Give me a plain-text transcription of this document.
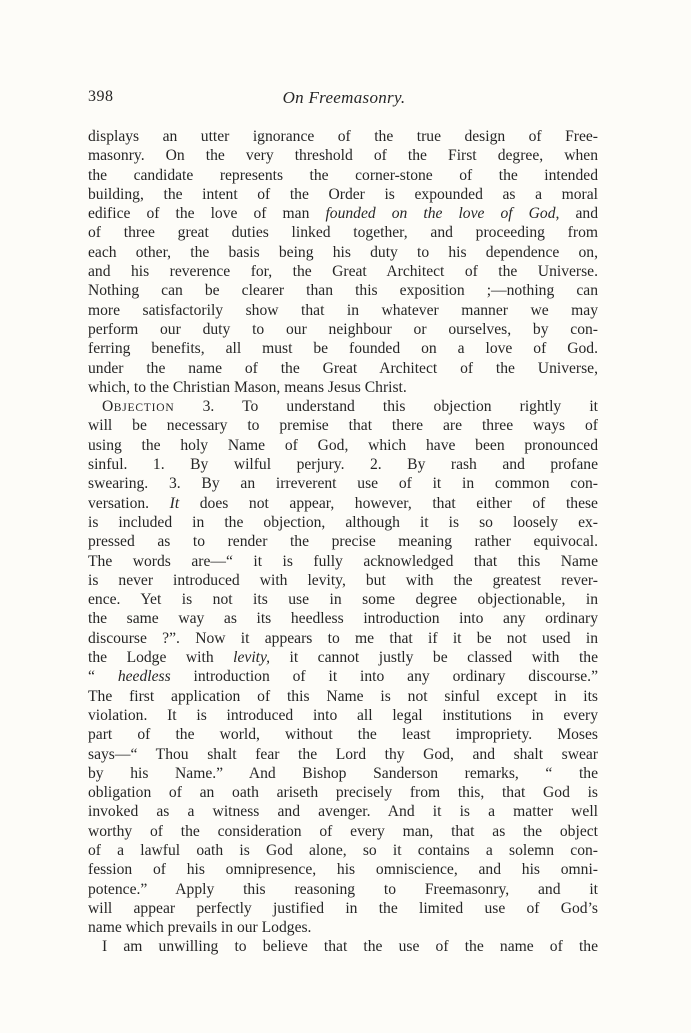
398	On Freemasonry.
displays an utter ignorance of the true design of Free-
masonry. On the very threshold of the First degree, when
the candidate represents the corner-stone of the intended
building, the intent of the Order is expounded as a moral
edifice of the love of man founded on the love of God, and
of three great duties linked together, and proceeding from
each other, the basis being his duty to his dependence on,
and his reverence for, the Great Architect of the Universe.
Nothing can be clearer than this exposition ;—nothing can
more satisfactorily show that in whatever manner we may
perform our duty to our neighbour or ourselves, by con-
ferring benefits, all must be founded on a love of God.
under the name of the Great Architect of the Universe,
which, to the Christian Mason, means Jesus Christ.
OBJECTION 3. To understand this objection rightly it
will be necessary to premise that there are three ways of
using the holy Name of God, which have been pronounced
sinful. 1. By wilful perjury. 2. By rash and profane
swearing. 3. By an irreverent use of it in common con-
versation. It does not appear, however, that either of these
is included in the objection, although it is so loosely ex-
pressed as to render the precise meaning rather equivocal.
The words are—“ it is fully acknowledged that this Name
is never introduced with levity, but with the greatest rever-
ence. Yet is not its use in some degree objectionable, in
the same way as its heedless introduction into any ordinary
discourse ?”. Now it appears to me that if it be not used in
the Lodge with levity, it cannot justly be classed with the
“ heedless introduction of it into any ordinary discourse.”
The first application of this Name is not sinful except in its
violation. It is introduced into all legal institutions in every
part of the world, without the least impropriety. Moses
says—“ Thou shalt fear the Lord thy God, and shalt swear
by his Name.” And Bishop Sanderson remarks, “ the
obligation of an oath ariseth precisely from this, that God is
invoked as a witness and avenger. And it is a matter well
worthy of the consideration of every man, that as the object
of a lawful oath is God alone, so it contains a solemn con-
fession of his omnipresence, his omniscience, and his omni-
potence.” Apply this reasoning to Freemasonry, and it
will appear perfectly justified in the limited use of God’s
name which prevails in our Lodges.
I am unwilling to believe that the use of the name of the
